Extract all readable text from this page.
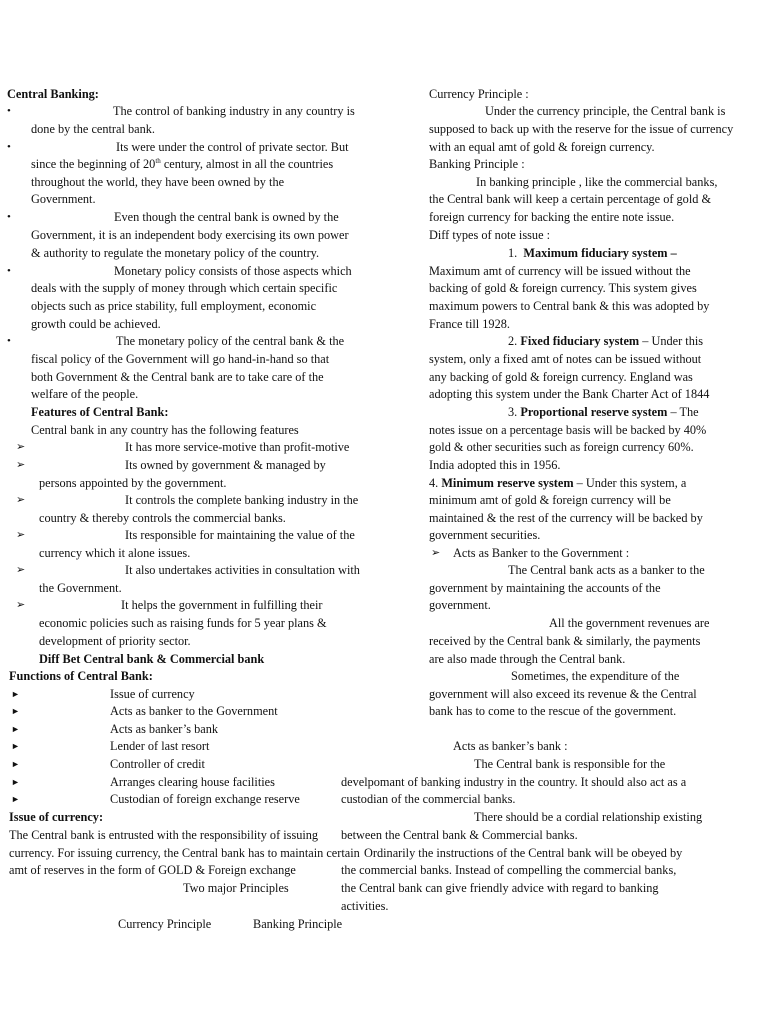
Central Banking:
•	The control of banking industry in any country is
done by the central bank.
•	Its were under the control of private sector. But
since the beginning of 20th century, almost in all the countries
throughout the world, they have been owned by the
Government.
•	Even though the central bank is owned by the
Government, it is an independent body exercising its own power
& authority to regulate the monetary policy of the country.
•	Monetary policy consists of those aspects which
deals with the supply of money through which certain specific
objects such as price stability, full employment, economic
growth could be achieved.
•	The monetary policy of the central bank & the
fiscal policy of the Government will go hand-in-hand so that
both Government & the Central bank are to take care of the
welfare of the people.
Features of Central Bank:
Central bank in any country has the following features
➢	It has more service-motive than profit-motive
➢	Its owned by government & managed by
persons appointed by the government.
➢	It controls the complete banking industry in the
country & thereby controls the commercial banks.
➢	Its responsible for maintaining the value of the
currency which it alone issues.
➢	It also undertakes activities in consultation with
the Government.
➢	It helps the government in fulfilling their
economic policies such as raising funds for 5 year plans &
development of priority sector.
Diff Bet Central bank & Commercial bank
Functions of Central Bank:
►	Issue of currency
►	Acts as banker to the Government
►	Acts as banker’s bank
►	Lender of last resort
►	Controller of credit
►	Arranges clearing house facilities
►	Custodian of foreign exchange reserve
Issue of currency:
The Central bank is entrusted with the responsibility of issuing
currency. For issuing currency, the Central bank has to maintain certain
amt of reserves in the form of GOLD & Foreign exchange
Two major Principles
Currency Principle	Banking Principle
Currency Principle :
Under the currency principle, the Central bank is
supposed to back up with the reserve for the issue of currency
with an equal amt of gold & foreign currency.
Banking Principle :
In banking principle , like the commercial banks,
the Central bank will keep a certain percentage of gold &
foreign currency for backing the entire note issue.
Diff types of note issue :
1. Maximum fiduciary system –
Maximum amt of currency will be issued without the
backing of gold & foreign currency. This system gives
maximum powers to Central bank & this was adopted by
France till 1928.
2. Fixed fiduciary system – Under this
system, only a fixed amt of notes can be issued without
any backing of gold & foreign currency. England was
adopting this system under the Bank Charter Act of 1844
3. Proportional reserve system – The
notes issue on a percentage basis will be backed by 40%
gold & other securities such as foreign currency 60%.
India adopted this in 1956.
4. Minimum reserve system – Under this system, a
minimum amt of gold & foreign currency will be
maintained & the rest of the currency will be backed by
government securities.
➢ Acts as Banker to the Government :
The Central bank acts as a banker to the
government by maintaining the accounts of the
government.
All the government revenues are
received by the Central bank & similarly, the payments
are also made through the Central bank.
Sometimes, the expenditure of the
government will also exceed its revenue & the Central
bank has to come to the rescue of the government.
Acts as banker’s bank :
The Central bank is responsible for the
develpomant of banking industry in the country. It should also act as a
custodian of the commercial banks.
There should be a cordial relationship existing
between the Central bank & Commercial banks.
Ordinarily the instructions of the Central bank will be obeyed by
the commercial banks. Instead of compelling the commercial banks,
the Central bank can give friendly advice with regard to banking
activities.
